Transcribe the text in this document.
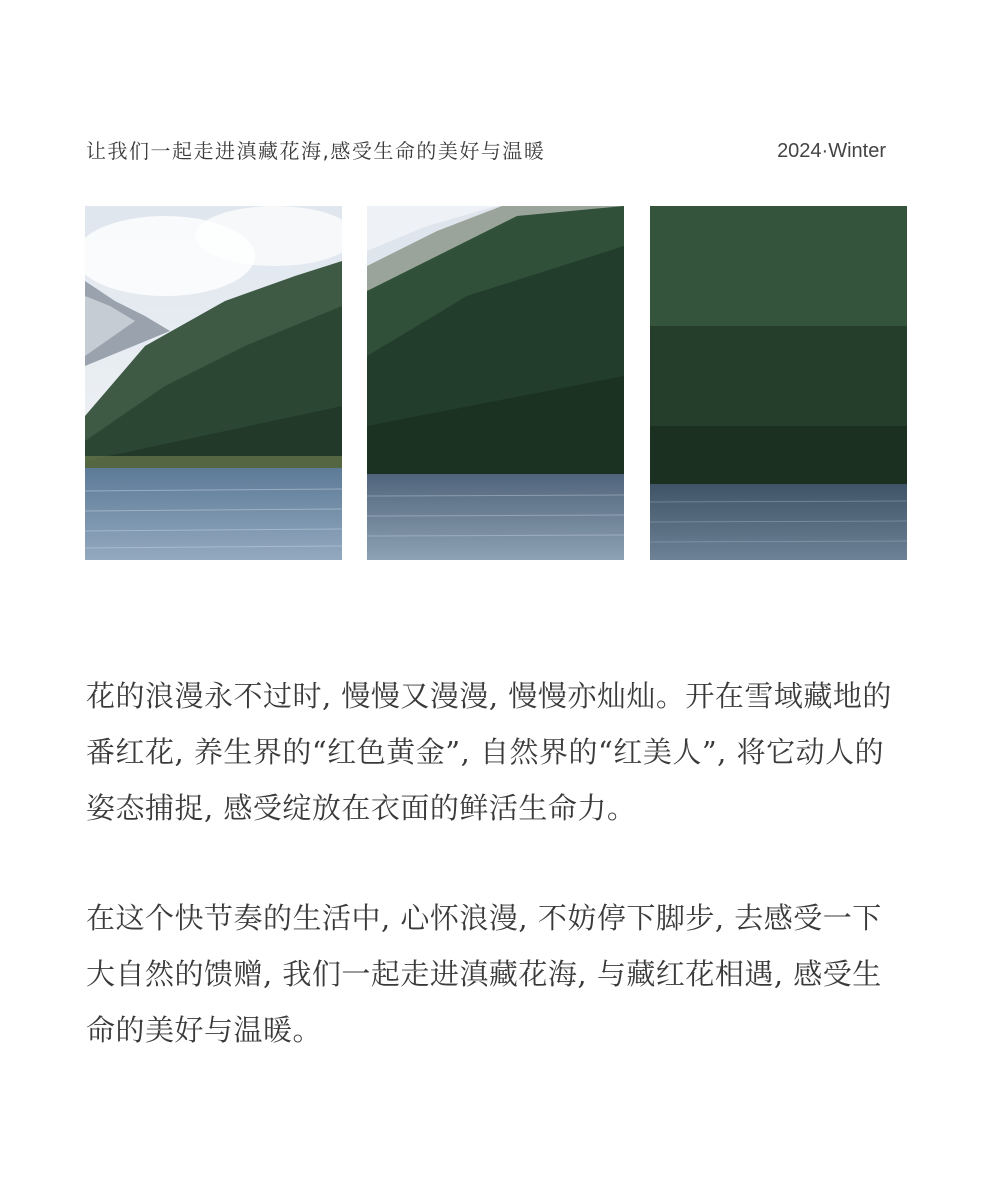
让我们一起走进滇藏花海,感受生命的美好与温暖	2024·Winter
花的浪漫永不过时, 慢慢又漫漫, 慢慢亦灿灿。开在雪域藏地的番红花, 养生界的“红色黄金”, 自然界的“红美人”, 将它动人的姿态捕捉, 感受绽放在衣面的鲜活生命力。
在这个快节奏的生活中, 心怀浪漫, 不妨停下脚步, 去感受一下大自然的馈赠, 我们一起走进滇藏花海, 与藏红花相遇, 感受生命的美好与温暖。
